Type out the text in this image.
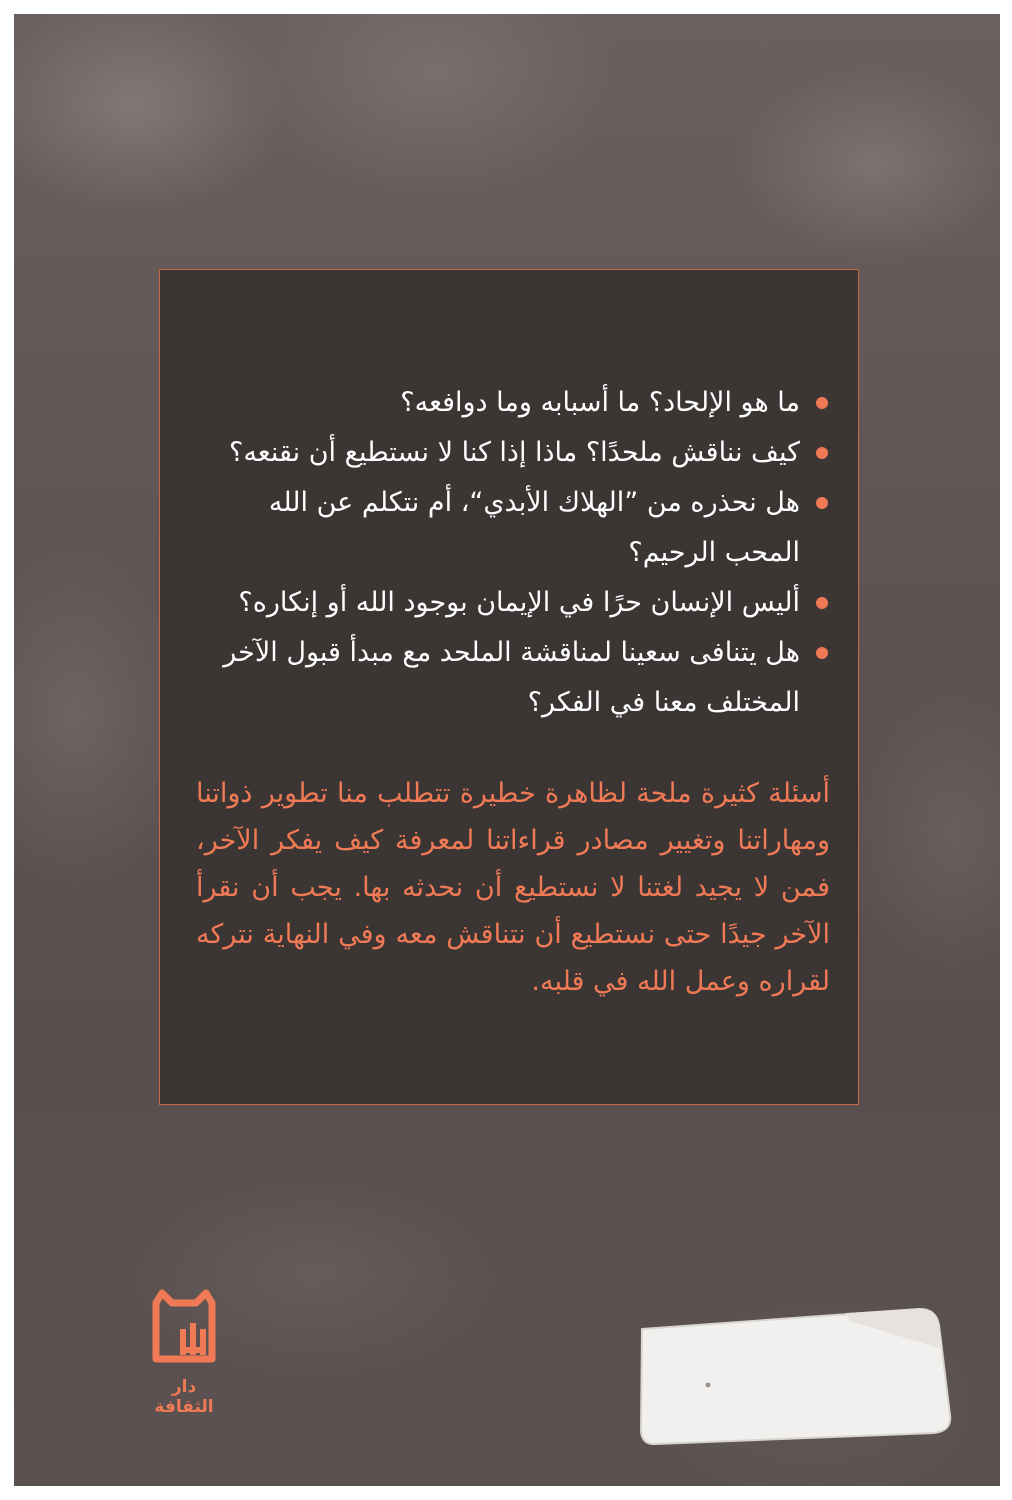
ما هو الإلحاد؟ ما أسبابه وما دوافعه؟
كيف نناقش ملحدًا؟ ماذا إذا كنا لا نستطيع أن نقنعه؟
هل نحذره من ”الهلاك الأبدي“، أم نتكلم عن الله المحب الرحيم؟
أليس الإنسان حرًا في الإيمان بوجود الله أو إنكاره؟
هل يتنافى سعينا لمناقشة الملحد مع مبدأ قبول الآخر المختلف معنا في الفكر؟

أسئلة كثيرة ملحة لظاهرة خطيرة تتطلب منا تطوير ذواتنا ومهاراتنا وتغيير مصادر قراءاتنا لمعرفة كيف يفكر الآخر، فمن لا يجيد لغتنا لا نستطيع أن نحدثه بها. يجب أن نقرأ الآخر جيدًا حتى نستطيع أن نتناقش معه وفي النهاية نتركه لقراره وعمل الله في قلبه.

دار الثقافة
